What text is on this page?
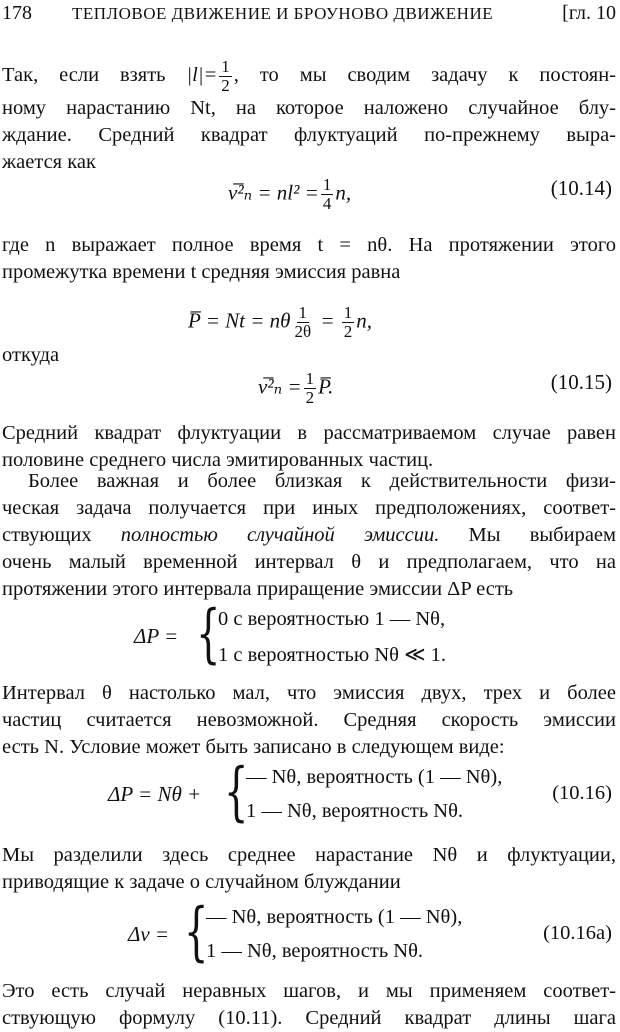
178	ТЕПЛОВОЕ ДВИЖЕНИЕ И БРОУНОВО ДВИЖЕНИЕ	[гл. 10
Так, если взять $|l|= \frac{1}{2}$ , то мы сводим задачу к постоян-
ному нарастанию Nt, на которое наложено случайное блу-
ждание. Средний квадрат флуктуаций по-прежнему выра-
жается как
ν̅²ₙ = $nl^2 = \frac{1}{4} n$,	(10.14)
где n выражает полное время t = nθ. На протяжении этого
промежутка времени t средняя эмиссия равна
P̅ = Nt = nθ $\frac{1}{2\theta} = \frac{1}{2} n$,
откуда
ν̅²ₙ = $\frac{1}{2}$ P̅.	(10.15)
Средний квадрат флуктуации в рассматриваемом случае равен
половине среднего числа эмитированных частиц.
Более важная и более близкая к действительности физи-
ческая задача получается при иных предположениях, соответ-
ствующих полностью случайной эмиссии. Мы выбираем
очень малый временной интервал θ и предполагаем, что на
протяжении этого интервала приращение эмиссии ΔP есть
ΔP = {
0 с вероятностью 1 — Nθ,
1 с вероятностью Nθ ≪ 1.
Интервал θ настолько мал, что эмиссия двух, трех и более
частиц считается невозможной. Средняя скорость эмиссии
есть N. Условие может быть записано в следующем виде:
ΔP = Nθ + {
— Nθ, вероятность (1 — Nθ),
1 — Nθ, вероятность Nθ.
(10.16)
Мы разделили здесь среднее нарастание Nθ и флуктуации,
приводящие к задаче о случайном блуждании
Δν = {
— Nθ, вероятность (1 — Nθ),
1 — Nθ, вероятность Nθ.
(10.16а)
Это есть случай неравных шагов, и мы применяем соответ-
ствующую формулу (10.11). Средний квадрат длины шага
